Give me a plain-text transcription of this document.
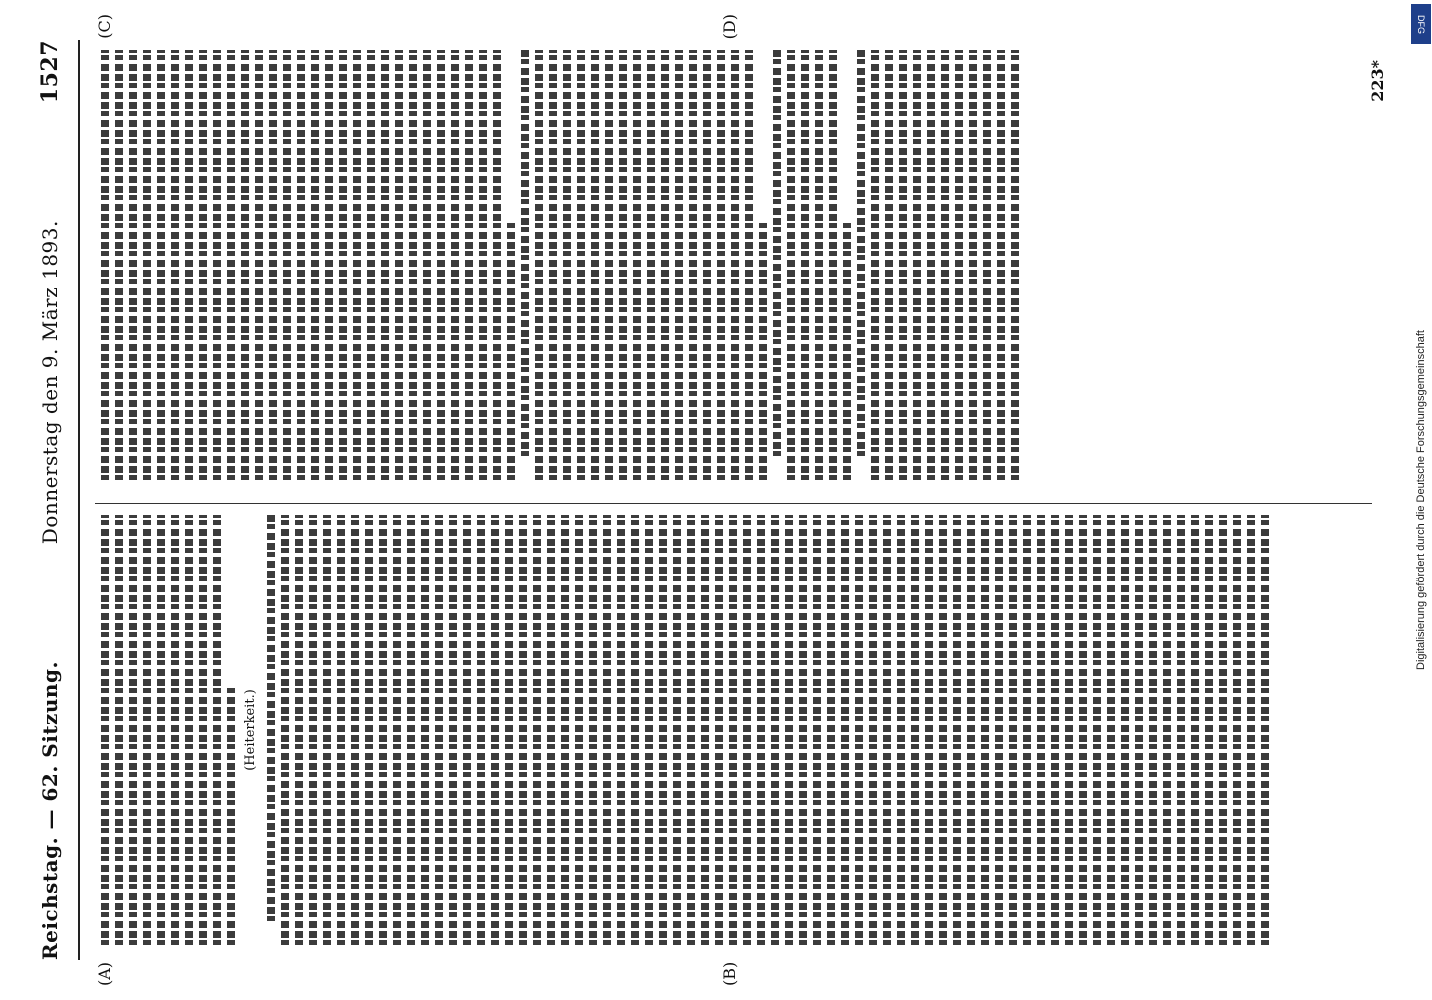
Reichstag. — 62. Sitzung.
Donnerstag den 9. März 1893.
1527
(A)	(B)
(C)	(D)
(Heiterkeit.)
223*
DFG
Digitalisierung gefördert durch die Deutsche Forschungsgemeinschaft
